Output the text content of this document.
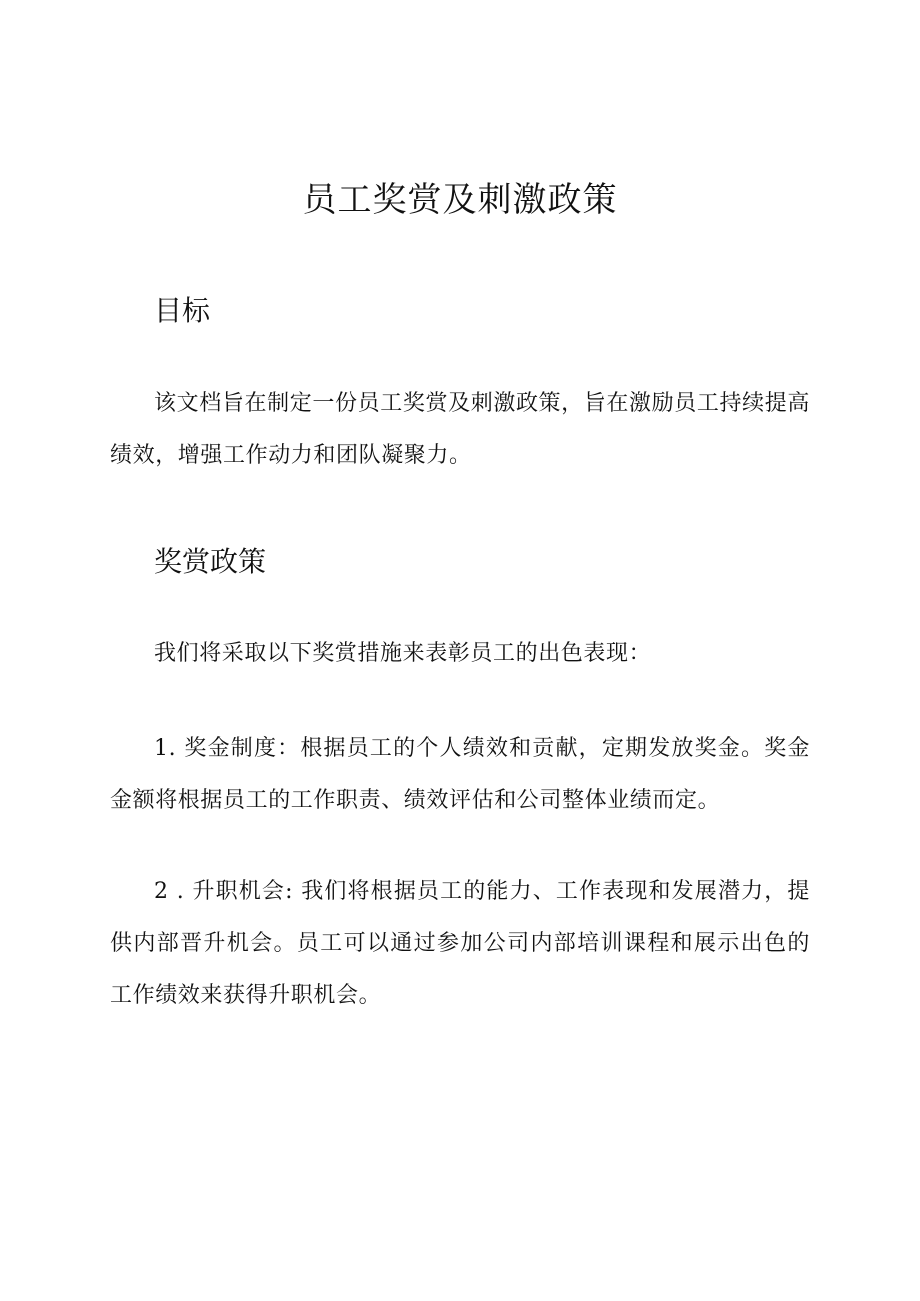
员工奖赏及刺激政策
目标

该文档旨在制定一份员工奖赏及刺激政策，旨在激励员工持续提高绩效，增强工作动力和团队凝聚力。

奖赏政策

我们将采取以下奖赏措施来表彰员工的出色表现：

1. 奖金制度：根据员工的个人绩效和贡献，定期发放奖金。奖金金额将根据员工的工作职责、绩效评估和公司整体业绩而定。

2 . 升职机会: 我们将根据员工的能力、工作表现和发展潜力，提供内部晋升机会。员工可以通过参加公司内部培训课程和展示出色的工作绩效来获得升职机会。
